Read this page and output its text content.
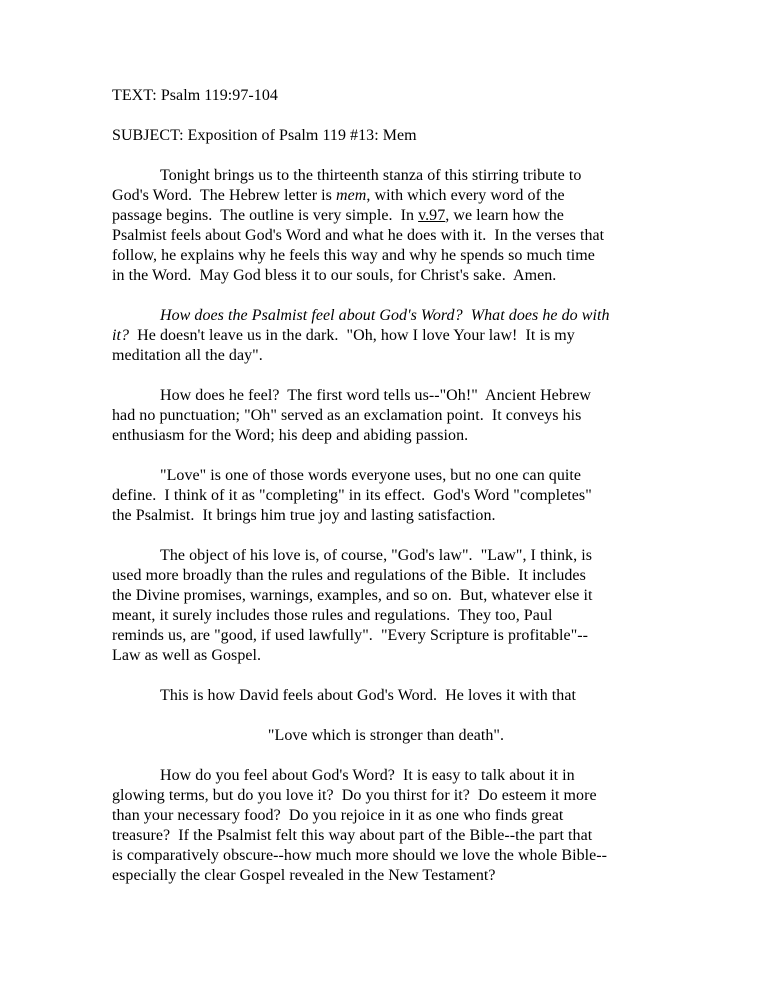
TEXT: Psalm 119:97-104
SUBJECT: Exposition of Psalm 119 #13: Mem
Tonight brings us to the thirteenth stanza of this stirring tribute to
God's Word.  The Hebrew letter is mem, with which every word of the
passage begins.  The outline is very simple.  In v.97, we learn how the
Psalmist feels about God's Word and what he does with it.  In the verses that
follow, he explains why he feels this way and why he spends so much time
in the Word.  May God bless it to our souls, for Christ's sake.  Amen.
How does the Psalmist feel about God's Word?  What does he do with
it?  He doesn't leave us in the dark.  "Oh, how I love Your law!  It is my
meditation all the day".
How does he feel?  The first word tells us--"Oh!"  Ancient Hebrew
had no punctuation; "Oh" served as an exclamation point.  It conveys his
enthusiasm for the Word; his deep and abiding passion.
"Love" is one of those words everyone uses, but no one can quite
define.  I think of it as "completing" in its effect.  God's Word "completes"
the Psalmist.  It brings him true joy and lasting satisfaction.
The object of his love is, of course, "God's law".  "Law", I think, is
used more broadly than the rules and regulations of the Bible.  It includes
the Divine promises, warnings, examples, and so on.  But, whatever else it
meant, it surely includes those rules and regulations.  They too, Paul
reminds us, are "good, if used lawfully".  "Every Scripture is profitable"--
Law as well as Gospel.
This is how David feels about God's Word.  He loves it with that
"Love which is stronger than death".
How do you feel about God's Word?  It is easy to talk about it in
glowing terms, but do you love it?  Do you thirst for it?  Do esteem it more
than your necessary food?  Do you rejoice in it as one who finds great
treasure?  If the Psalmist felt this way about part of the Bible--the part that
is comparatively obscure--how much more should we love the whole Bible--
especially the clear Gospel revealed in the New Testament?
